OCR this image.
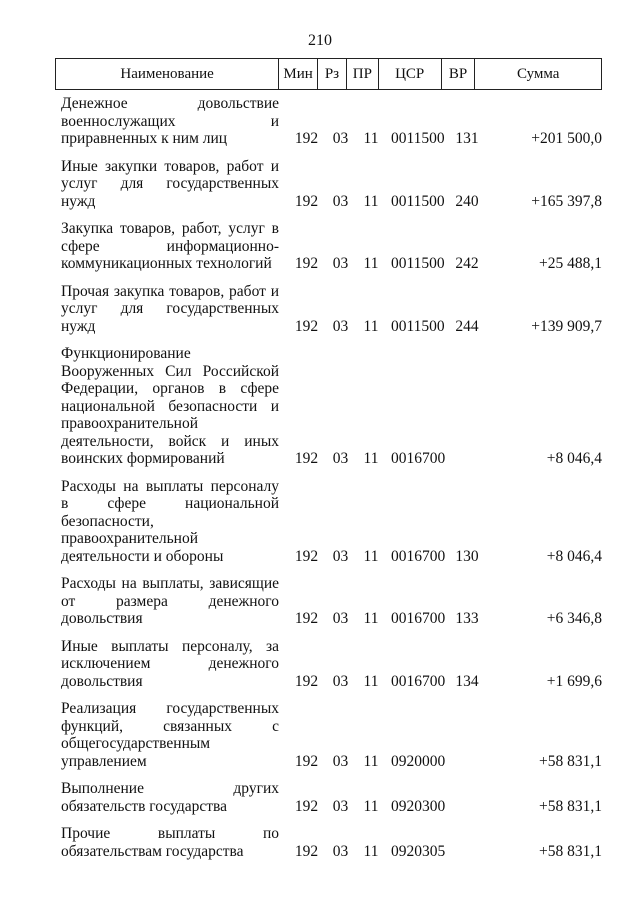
210
Наименование	Мин Рз ПР	ЦСР	ВР	Сумма
Денежное довольствие
военнослужащих и
приравненных к ним лиц	192 03 11 0011500 131	+201 500,0
Иные закупки товаров, работ и
услуг для государственных
нужд	192 03 11 0011500 240	+165 397,8
Закупка товаров, работ, услуг в
сфере информационно-
коммуникационных технологий	192 03 11 0011500 242	+25 488,1
Прочая закупка товаров, работ и
услуг для государственных
нужд	192 03 11 0011500 244	+139 909,7
Функционирование
Вооруженных Сил Российской
Федерации, органов в сфере
национальной безопасности и
правоохранительной
деятельности, войск и иных
воинских формирований	192 03 11 0016700	+8 046,4
Расходы на выплаты персоналу
в сфере национальной
безопасности,
правоохранительной
деятельности и обороны	192 03 11 0016700 130	+8 046,4
Расходы на выплаты, зависящие
от размера денежного
довольствия	192 03 11 0016700 133	+6 346,8
Иные выплаты персоналу, за
исключением денежного
довольствия	192 03 11 0016700 134	+1 699,6
Реализация государственных
функций, связанных с
общегосударственным
управлением	192 03 11 0920000	+58 831,1
Выполнение других
обязательств государства	192 03 11 0920300	+58 831,1
Прочие выплаты по
обязательствам государства	192 03 11 0920305	+58 831,1
